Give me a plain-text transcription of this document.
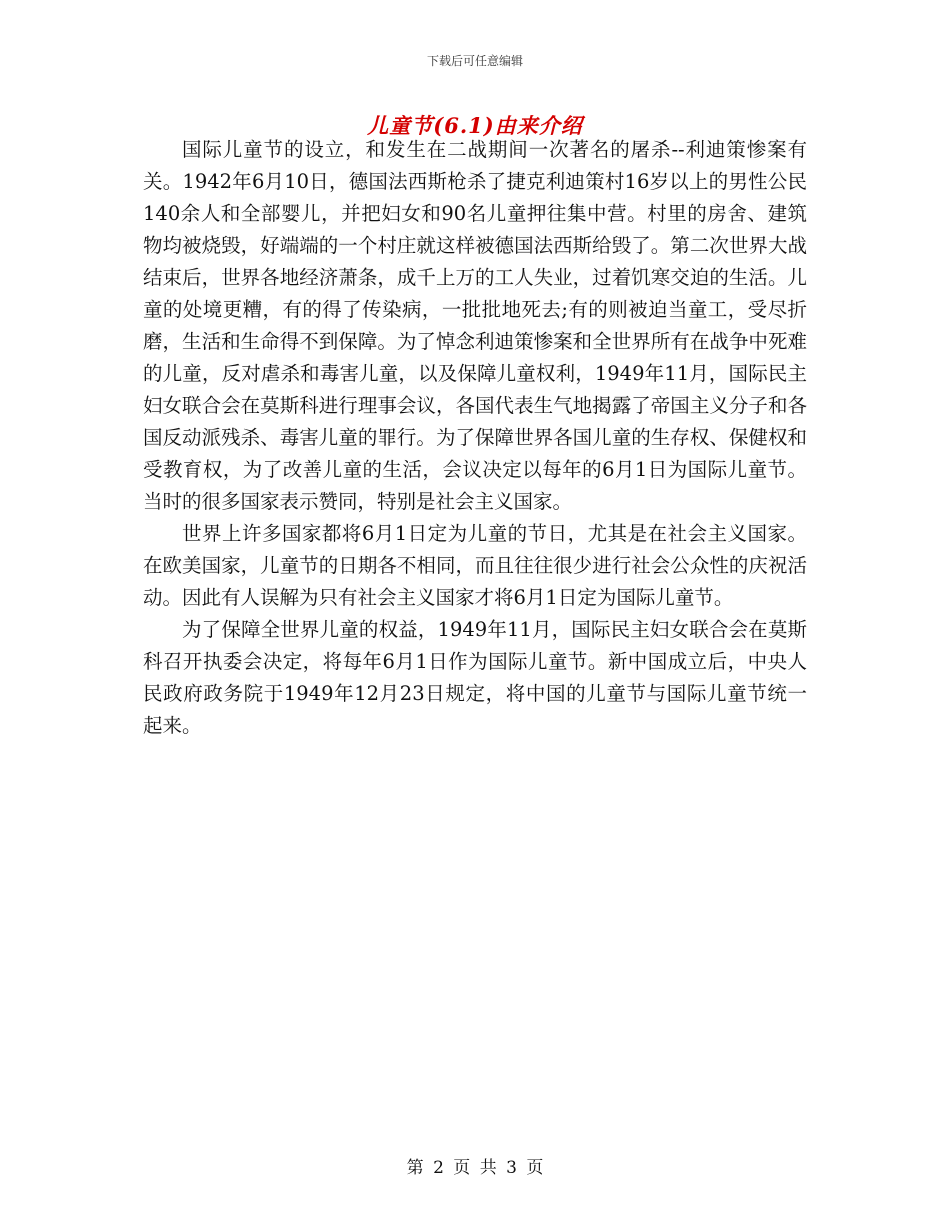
下载后可任意编辑
儿童节(6.1)由来介绍

国际儿童节的设立，和发生在二战期间一次著名的屠杀--利迪策惨案有关。1942年6月10日，德国法西斯枪杀了捷克利迪策村16岁以上的男性公民140余人和全部婴儿，并把妇女和90名儿童押往集中营。村里的房舍、建筑物均被烧毁，好端端的一个村庄就这样被德国法西斯给毁了。第二次世界大战结束后，世界各地经济萧条，成千上万的工人失业，过着饥寒交迫的生活。儿童的处境更糟，有的得了传染病，一批批地死去;有的则被迫当童工，受尽折磨，生活和生命得不到保障。为了悼念利迪策惨案和全世界所有在战争中死难的儿童，反对虐杀和毒害儿童，以及保障儿童权利，1949年11月，国际民主妇女联合会在莫斯科进行理事会议，各国代表生气地揭露了帝国主义分子和各国反动派残杀、毒害儿童的罪行。为了保障世界各国儿童的生存权、保健权和受教育权，为了改善儿童的生活，会议决定以每年的6月1日为国际儿童节。当时的很多国家表示赞同，特别是社会主义国家。

世界上许多国家都将6月1日定为儿童的节日，尤其是在社会主义国家。在欧美国家，儿童节的日期各不相同，而且往往很少进行社会公众性的庆祝活动。因此有人误解为只有社会主义国家才将6月1日定为国际儿童节。

为了保障全世界儿童的权益，1949年11月，国际民主妇女联合会在莫斯科召开执委会决定，将每年6月1日作为国际儿童节。新中国成立后，中央人民政府政务院于1949年12月23日规定，将中国的儿童节与国际儿童节统一起来。

第 2 页 共 3 页
